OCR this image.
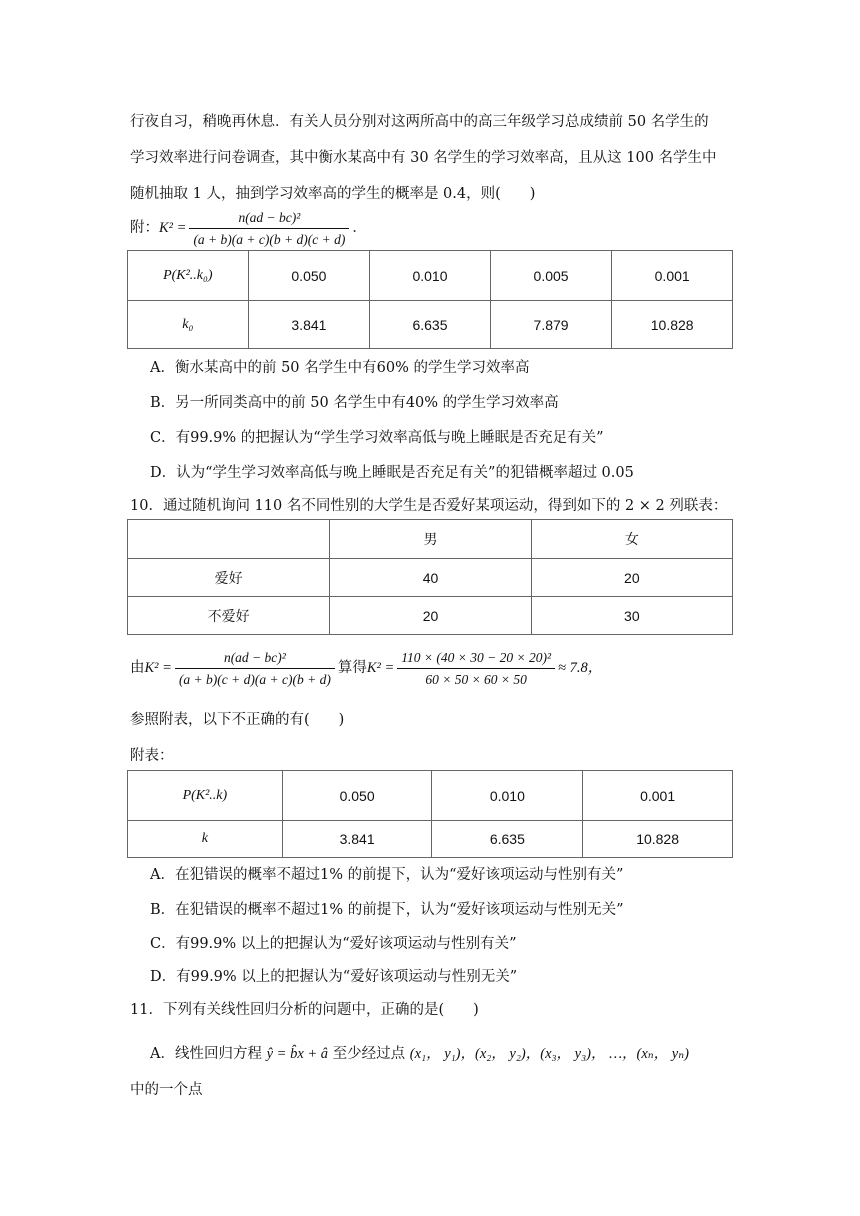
行夜自习，稍晚再休息．有关人员分别对这两所高中的高三年级学习总成绩前 50 名学生的
学习效率进行问卷调查，其中衡水某高中有 30 名学生的学习效率高，且从这 100 名学生中
随机抽取 1 人，抽到学习效率高的学生的概率是 0.4，则(　　)
附：$K^2 = \frac{\text{n(ad − bc)²}}{(a + b)(a + c)(b + d)(c + d)}$ ．
P(K²..k₀)	0.050	0.010	0.005	0.001
k₀	3.841	6.635	7.879	10.828
A．衡水某高中的前 50 名学生中有60% 的学生学习效率高
B．另一所同类高中的前 50 名学生中有40% 的学生学习效率高
C．有99.9% 的把握认为“学生学习效率高低与晚上睡眠是否充足有关”
D．认为“学生学习效率高低与晚上睡眠是否充足有关”的犯错概率超过 0.05
10．通过随机询问 110 名不同性别的大学生是否爱好某项运动，得到如下的 2 × 2 列联表：
	男	女
爱好	40	20
不爱好	20	30
由$K^2 = \frac{\text{n(ad − bc)²}}{(a + b)(c + d)(a + c)(b + d)}$ 算得$K^2 = \frac{\text{110 × (40 × 30 − 20 × 20)²}}{60 \times 50 \times 60 \times 50} \approx 7.8$，
参照附表，以下不正确的有(　　)
附表：
P(K²..k)	0.050	0.010	0.001
k	3.841	6.635	10.828
A．在犯错误的概率不超过1% 的前提下，认为“爱好该项运动与性别有关”
B．在犯错误的概率不超过1% 的前提下，认为“爱好该项运动与性别无关”
C．有99.9% 以上的把握认为“爱好该项运动与性别有关”
D．有99.9% 以上的把握认为“爱好该项运动与性别无关”
11．下列有关线性回归分析的问题中，正确的是(　　)
A．线性回归方程 ŷ = b̂x + â 至少经过点 (x₁， y₁)，(x₂， y₂)，(x₃， y₃)， …，(xₙ， yₙ)
中的一个点
